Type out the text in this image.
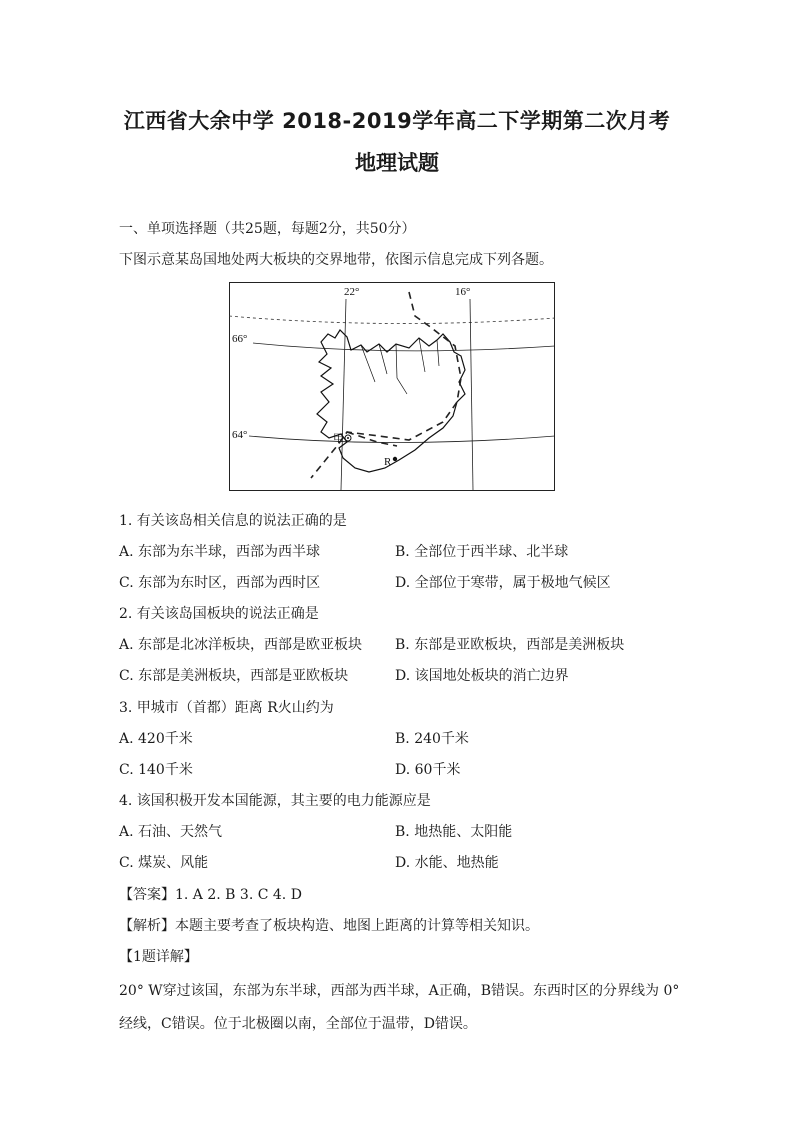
江西省大余中学 2018-2019学年高二下学期第二次月考
地理试题
一、单项选择题（共25题，每题2分，共50分）
下图示意某岛国地处两大板块的交界地带，依图示信息完成下列各题。
22°	16°
66°
64°	甲
R
1. 有关该岛相关信息的说法正确的是
A. 东部为东半球，西部为西半球	B. 全部位于西半球、北半球
C. 东部为东时区，西部为西时区	D. 全部位于寒带，属于极地气候区
2. 有关该岛国板块的说法正确是
A. 东部是北冰洋板块，西部是欧亚板块 B. 东部是亚欧板块，西部是美洲板块
C. 东部是美洲板块，西部是亚欧板块	D. 该国地处板块的消亡边界
3. 甲城市（首都）距离 R火山约为
A. 420千米	B. 240千米
C. 140千米	D. 60千米
4. 该国积极开发本国能源，其主要的电力能源应是
A. 石油、天然气	B. 地热能、太阳能
C. 煤炭、风能	D. 水能、地热能
【答案】1. A 2. B 3. C 4. D
【解析】本题主要考查了板块构造、地图上距离的计算等相关知识。
【1题详解】
20° W穿过该国，东部为东半球，西部为西半球，A正确，B错误。东西时区的分界线为 0°
经线，C错误。位于北极圈以南，全部位于温带，D错误。
